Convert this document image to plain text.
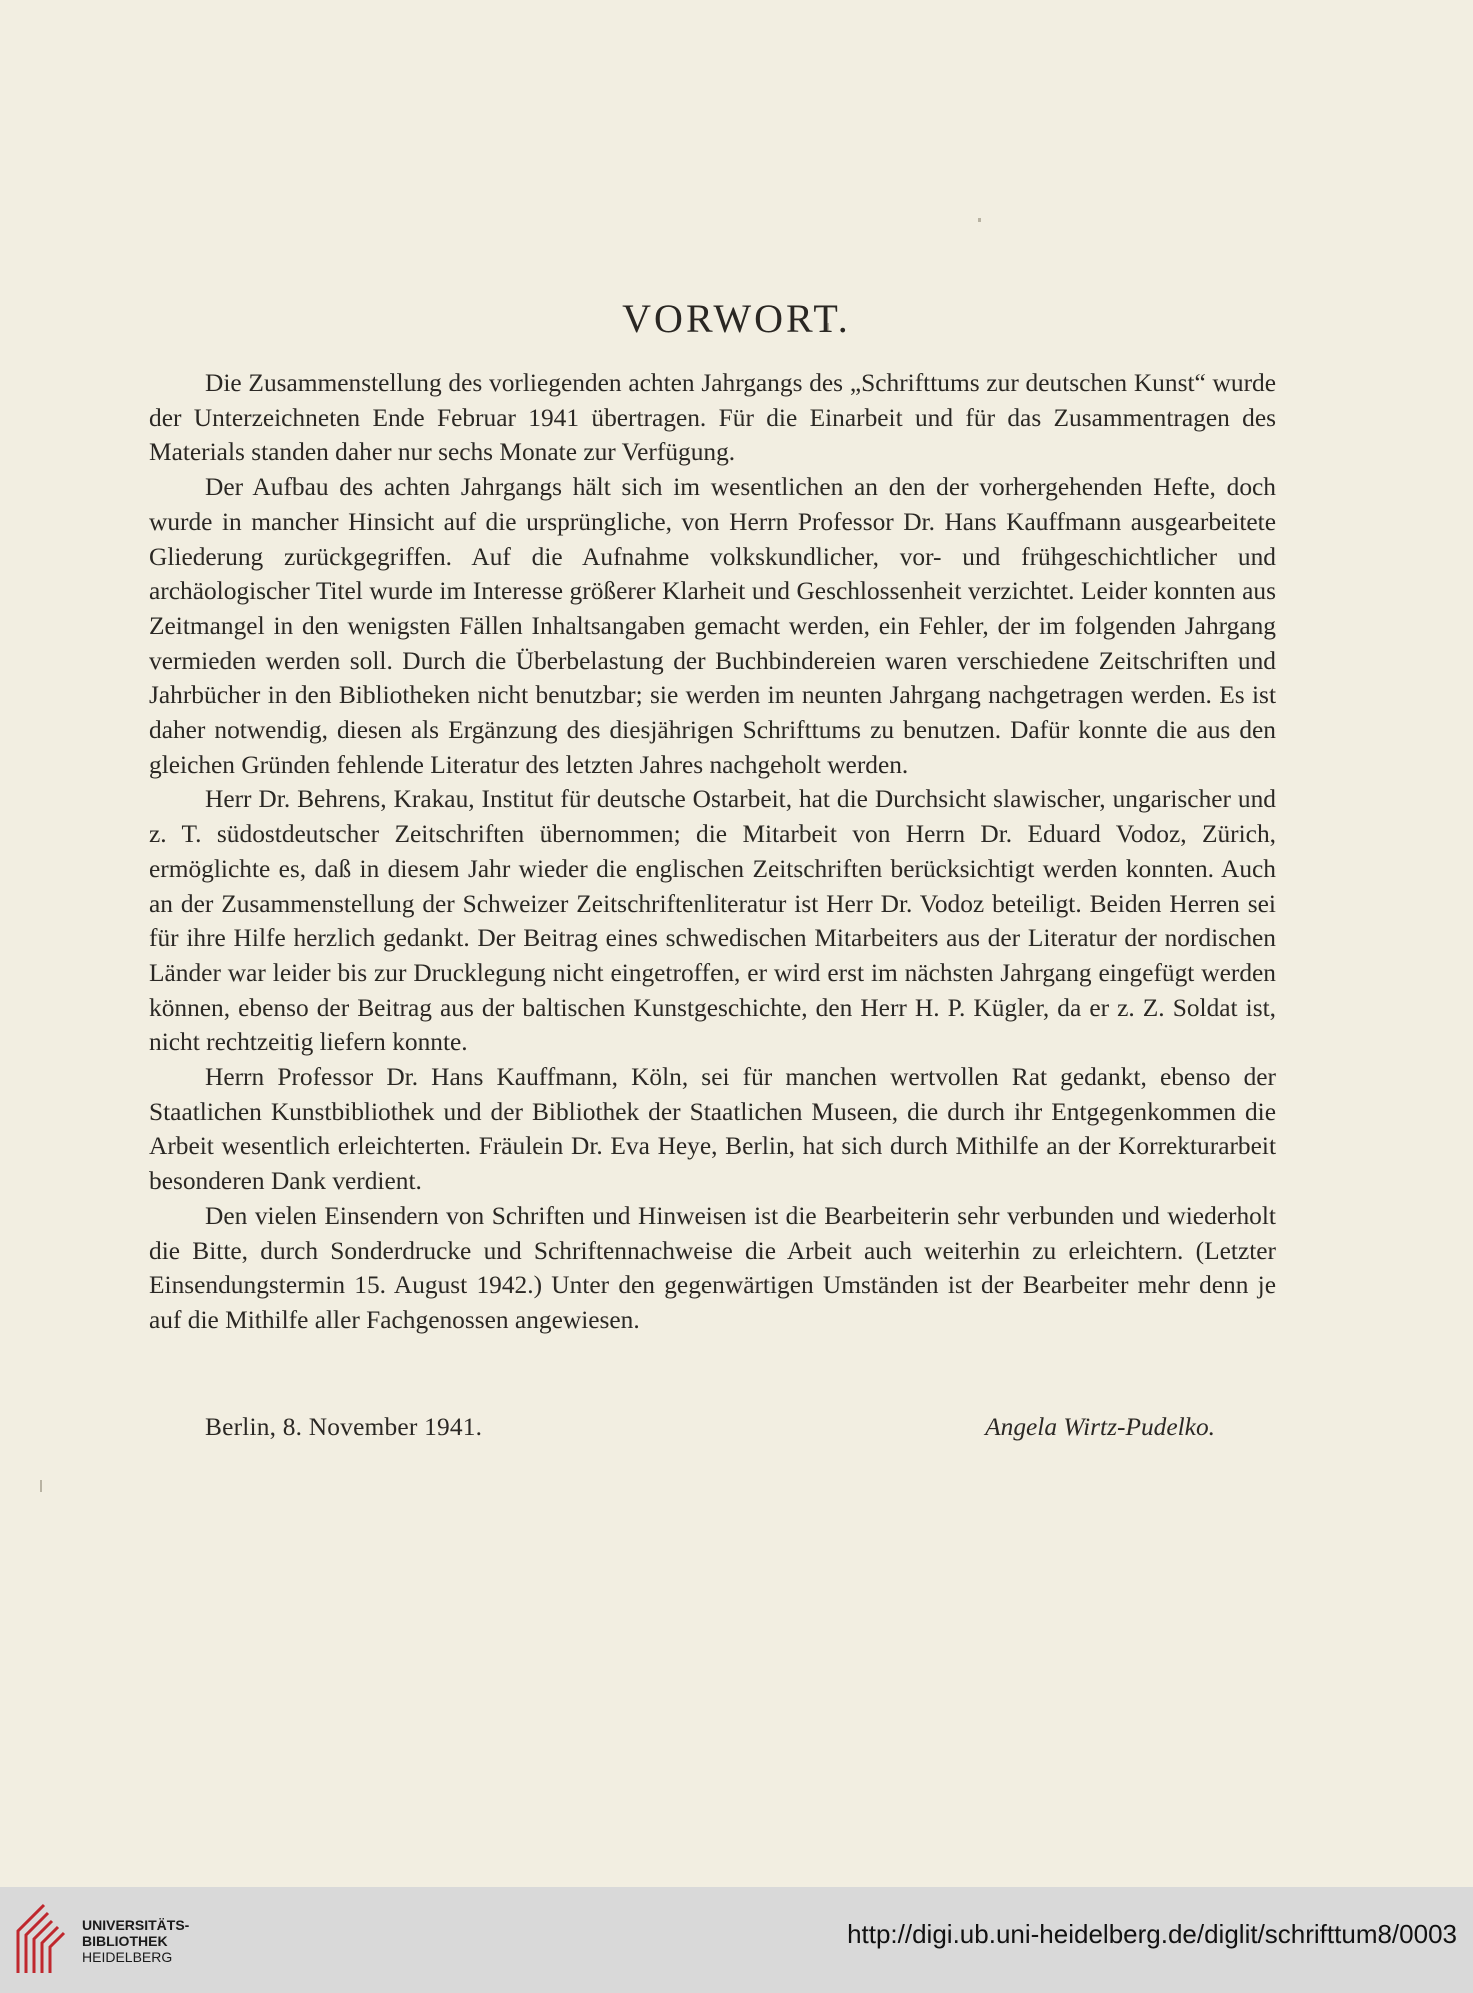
VORWORT.

Die Zusammenstellung des vorliegenden achten Jahrgangs des „Schrifttums zur deutschen Kunst“ wurde der Unterzeichneten Ende Februar 1941 übertragen. Für die Einarbeit und für das Zusammentragen des Materials standen daher nur sechs Monate zur Verfügung.

Der Aufbau des achten Jahrgangs hält sich im wesentlichen an den der vorhergehenden Hefte, doch wurde in mancher Hinsicht auf die ursprüngliche, von Herrn Professor Dr. Hans Kauffmann ausgearbeitete Gliederung zurückgegriffen. Auf die Aufnahme volkskundlicher, vor- und frühgeschichtlicher und archäologischer Titel wurde im Interesse größerer Klarheit und Geschlossenheit verzichtet. Leider konnten aus Zeitmangel in den wenigsten Fällen Inhaltsangaben gemacht werden, ein Fehler, der im folgenden Jahrgang vermieden werden soll. Durch die Überbelastung der Buchbindereien waren verschiedene Zeitschriften und Jahrbücher in den Bibliotheken nicht benutzbar; sie werden im neunten Jahrgang nachgetragen werden. Es ist daher notwendig, diesen als Ergänzung des diesjährigen Schrifttums zu benutzen. Dafür konnte die aus den gleichen Gründen fehlende Literatur des letzten Jahres nachgeholt werden.

Herr Dr. Behrens, Krakau, Institut für deutsche Ostarbeit, hat die Durchsicht slawischer, ungarischer und z. T. südostdeutscher Zeitschriften übernommen; die Mitarbeit von Herrn Dr. Eduard Vodoz, Zürich, ermöglichte es, daß in diesem Jahr wieder die englischen Zeitschriften berücksichtigt werden konnten. Auch an der Zusammenstellung der Schweizer Zeitschriftenliteratur ist Herr Dr. Vodoz beteiligt. Beiden Herren sei für ihre Hilfe herzlich gedankt. Der Beitrag eines schwedischen Mitarbeiters aus der Literatur der nordischen Länder war leider bis zur Drucklegung nicht eingetroffen, er wird erst im nächsten Jahrgang eingefügt werden können, ebenso der Beitrag aus der baltischen Kunstgeschichte, den Herr H. P. Kügler, da er z. Z. Soldat ist, nicht rechtzeitig liefern konnte.

Herrn Professor Dr. Hans Kauffmann, Köln, sei für manchen wertvollen Rat gedankt, ebenso der Staatlichen Kunstbibliothek und der Bibliothek der Staatlichen Museen, die durch ihr Entgegenkommen die Arbeit wesentlich erleichterten. Fräulein Dr. Eva Heye, Berlin, hat sich durch Mithilfe an der Korrekturarbeit besonderen Dank verdient.

Den vielen Einsendern von Schriften und Hinweisen ist die Bearbeiterin sehr verbunden und wiederholt die Bitte, durch Sonderdrucke und Schriftennachweise die Arbeit auch weiterhin zu erleichtern. (Letzter Einsendungstermin 15. August 1942.) Unter den gegenwärtigen Umständen ist der Bearbeiter mehr denn je auf die Mithilfe aller Fachgenossen angewiesen.

Berlin, 8. November 1941.	Angela Wirtz-Pudelko.
UNIVERSITÄTS-
BIBLIOTHEK
HEIDELBERG
http://digi.ub.uni-heidelberg.de/diglit/schrifttum8/0003
